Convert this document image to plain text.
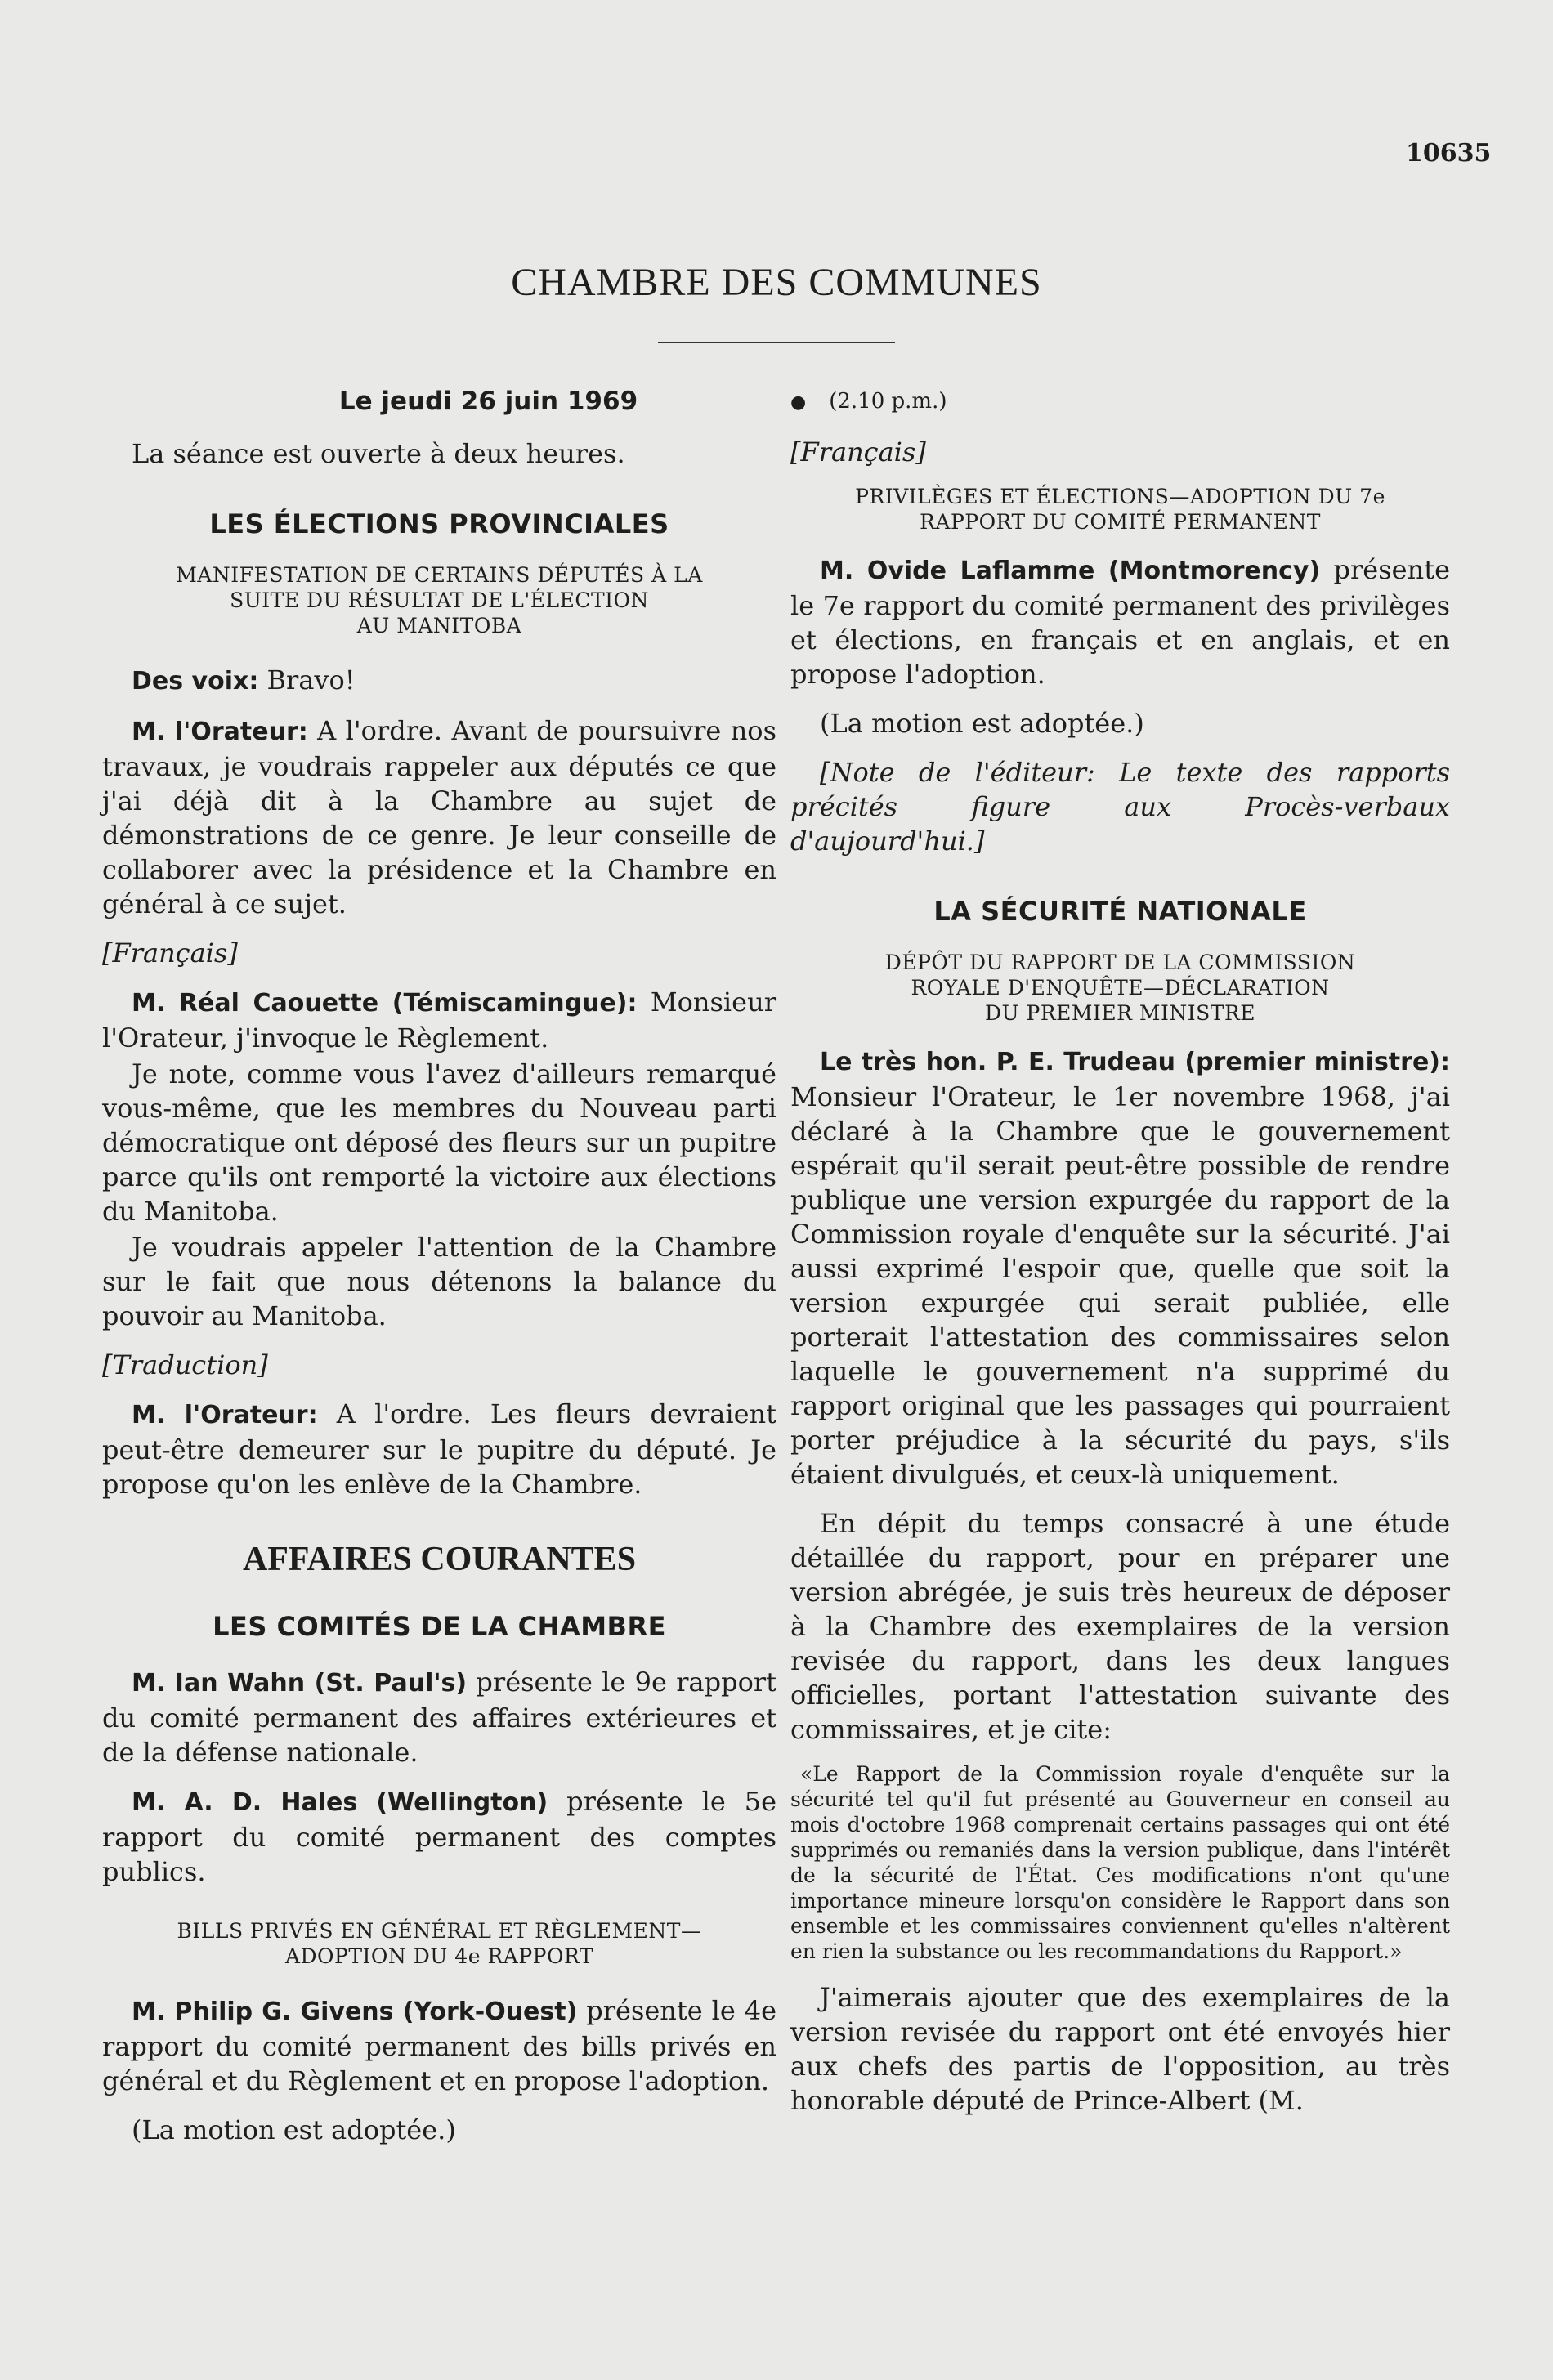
10635
CHAMBRE DES COMMUNES
Le jeudi 26 juin 1969

La séance est ouverte à deux heures.

LES ÉLECTIONS PROVINCIALES
MANIFESTATION DE CERTAINS DÉPUTÉS À LA
SUITE DU RÉSULTAT DE L'ÉLECTION
AU MANITOBA

Des voix: Bravo!

M. l'Orateur: A l'ordre. Avant de poursuivre nos travaux, je voudrais rappeler aux députés ce que j'ai déjà dit à la Chambre au sujet de démonstrations de ce genre. Je leur conseille de collaborer avec la présidence et la Chambre en général à ce sujet.

[Français]

M. Réal Caouette (Témiscamingue): Monsieur l'Orateur, j'invoque le Règlement.

Je note, comme vous l'avez d'ailleurs remarqué vous-même, que les membres du Nouveau parti démocratique ont déposé des fleurs sur un pupitre parce qu'ils ont remporté la victoire aux élections du Manitoba.

Je voudrais appeler l'attention de la Chambre sur le fait que nous détenons la balance du pouvoir au Manitoba.

[Traduction]

M. l'Orateur: A l'ordre. Les fleurs devraient peut-être demeurer sur le pupitre du député. Je propose qu'on les enlève de la Chambre.

AFFAIRES COURANTES
LES COMITÉS DE LA CHAMBRE

M. Ian Wahn (St. Paul's) présente le 9e rapport du comité permanent des affaires extérieures et de la défense nationale.

M. A. D. Hales (Wellington) présente le 5e rapport du comité permanent des comptes publics.

BILLS PRIVÉS EN GÉNÉRAL ET RÈGLEMENT—
ADOPTION DU 4e RAPPORT

M. Philip G. Givens (York-Ouest) présente le 4e rapport du comité permanent des bills privés en général et du Règlement et en propose l'adoption.

(La motion est adoptée.)

● (2.10 p.m.)

[Français]

PRIVILÈGES ET ÉLECTIONS—ADOPTION DU 7e
RAPPORT DU COMITÉ PERMANENT

M. Ovide Laflamme (Montmorency) présente le 7e rapport du comité permanent des privilèges et élections, en français et en anglais, et en propose l'adoption.

(La motion est adoptée.)

[Note de l'éditeur: Le texte des rapports précités figure aux Procès-verbaux d'aujourd'hui.]

LA SÉCURITÉ NATIONALE
DÉPÔT DU RAPPORT DE LA COMMISSION
ROYALE D'ENQUÊTE—DÉCLARATION
DU PREMIER MINISTRE

Le très hon. P. E. Trudeau (premier ministre): Monsieur l'Orateur, le 1er novembre 1968, j'ai déclaré à la Chambre que le gouvernement espérait qu'il serait peut-être possible de rendre publique une version expurgée du rapport de la Commission royale d'enquête sur la sécurité. J'ai aussi exprimé l'espoir que, quelle que soit la version expurgée qui serait publiée, elle porterait l'attestation des commissaires selon laquelle le gouvernement n'a supprimé du rapport original que les passages qui pourraient porter préjudice à la sécurité du pays, s'ils étaient divulgués, et ceux-là uniquement.

En dépit du temps consacré à une étude détaillée du rapport, pour en préparer une version abrégée, je suis très heureux de déposer à la Chambre des exemplaires de la version revisée du rapport, dans les deux langues officielles, portant l'attestation suivante des commissaires, et je cite:

«Le Rapport de la Commission royale d'enquête sur la sécurité tel qu'il fut présenté au Gouverneur en conseil au mois d'octobre 1968 comprenait certains passages qui ont été supprimés ou remaniés dans la version publique, dans l'intérêt de la sécurité de l'État. Ces modifications n'ont qu'une importance mineure lorsqu'on considère le Rapport dans son ensemble et les commissaires conviennent qu'elles n'altèrent en rien la substance ou les recommandations du Rapport.»

J'aimerais ajouter que des exemplaires de la version revisée du rapport ont été envoyés hier aux chefs des partis de l'opposition, au très honorable député de Prince-Albert (M.
